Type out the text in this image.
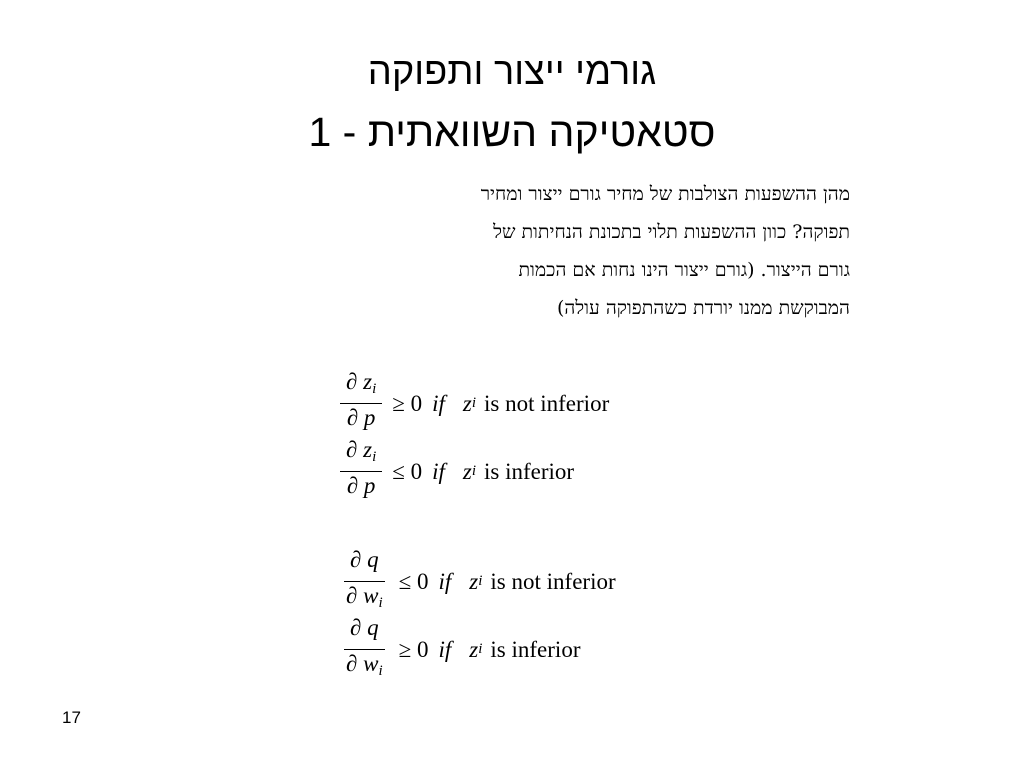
גורמי ייצור ותפוקה
סטאטיקה השוואתית - 1
מהן ההשפעות הצולבות של מחיר גורם ייצור ומחיר
תפוקה? כוון ההשפעות תלוי בתכונת הנחיתות של
גורם הייצור. (גורם ייצור הינו נחות אם הכמות
המבוקשת ממנו יורדת כשהתפוקה עולה)
$\frac{\partial z_i}{\partial p} \ge 0$ if z i is not inferior
$\frac{\partial z_i}{\partial p} \le 0$ if z i is inferior
$\frac{\partial q}{\partial w_i} \le 0$ if z i is not inferior
$\frac{\partial q}{\partial w_i} \ge 0$ if z i is inferior
17
